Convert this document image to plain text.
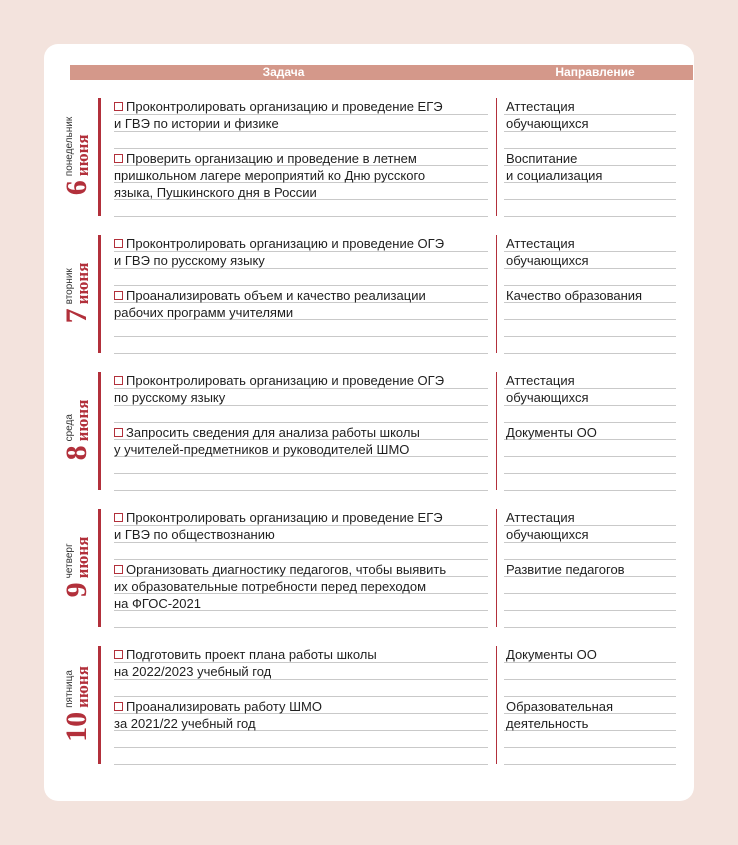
Задача	Направление
6
понедельник
июня
Проконтролировать организацию и проведение ЕГЭ
и ГВЭ по истории и физике
Аттестация
обучающихся
Проверить организацию и проведение в летнем
пришкольном лагере мероприятий ко Дню русского
языка, Пушкинского дня в России
Воспитание
и социализация
7
вторник
июня
Проконтролировать организацию и проведение ОГЭ
и ГВЭ по русскому языку
Аттестация
обучающихся
Проанализировать объем и качество реализации
рабочих программ учителями
Качество образования
8
среда
июня
Проконтролировать организацию и проведение ОГЭ
по русскому языку
Аттестация
обучающихся
Запросить сведения для анализа работы школы
у учителей-предметников и руководителей ШМО
Документы ОО
9
четверг
июня
Проконтролировать организацию и проведение ЕГЭ
и ГВЭ по обществознанию
Аттестация
обучающихся
Организовать диагностику педагогов, чтобы выявить
их образовательные потребности перед переходом
на ФГОС-2021
Развитие педагогов
10
пятница
июня
Подготовить проект плана работы школы
на 2022/2023 учебный год
Документы ОО
Проанализировать работу ШМО
за 2021/22 учебный год
Образовательная
деятельность
